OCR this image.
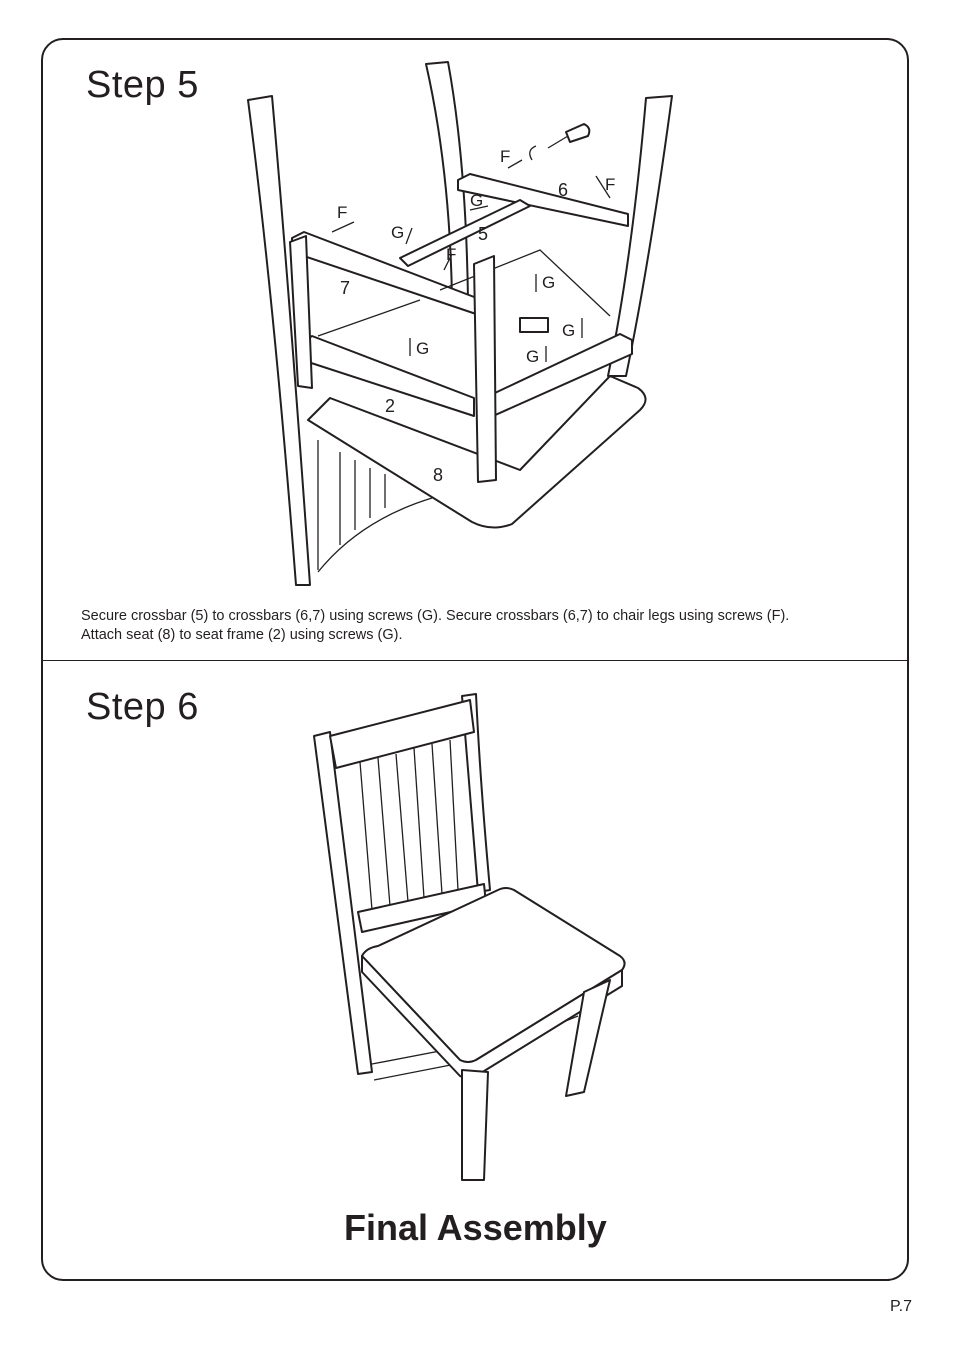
Step 5
Step 6
F
F
F
F
G
G
G
G
G	G
6
5
7
2
8

Secure crossbar (5) to crossbars (6,7) using screws (G). Secure crossbars (6,7) to chair legs using screws (F).
Attach seat (8) to seat frame (2) using screws (G).

Final Assembly
P.7
